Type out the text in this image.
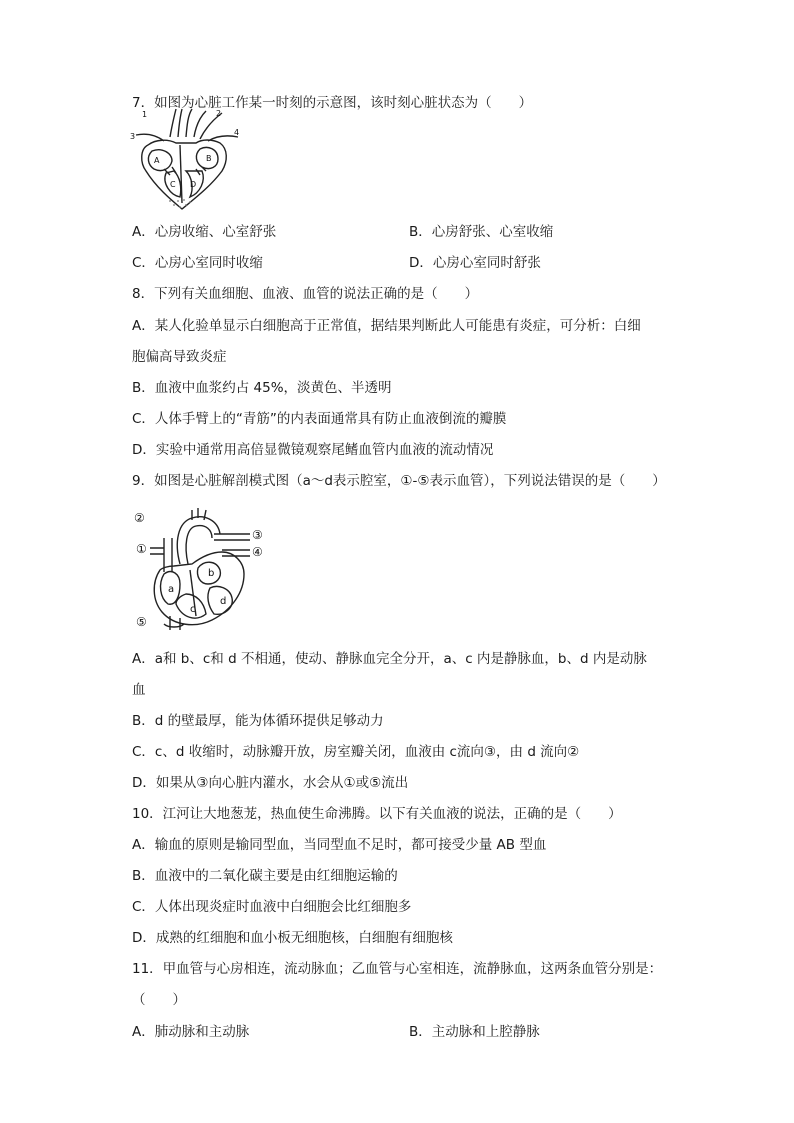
7．如图为心脏工作某一时刻的示意图，该时刻心脏状态为（　　）
1	2
3	4
A	B
C D
A．心房收缩、心室舒张	B．心房舒张、心室收缩
C．心房心室同时收缩	D．心房心室同时舒张
8．下列有关血细胞、血液、血管的说法正确的是（　　）
A．某人化验单显示白细胞高于正常值，据结果判断此人可能患有炎症，可分析：白细
胞偏高导致炎症
B．血液中血浆约占 45%，淡黄色、半透明
C．人体手臂上的“青筋”的内表面通常具有防止血液倒流的瓣膜
D．实验中通常用高倍显微镜观察尾鳍血管内血液的流动情况
9．如图是心脏解剖模式图（a～d表示腔室，①-⑤表示血管），下列说法错误的是（　　）
②
①
③
④
⑤
a
b
c
d
A．a和 b、c和 d 不相通，使动、静脉血完全分开，a、c 内是静脉血，b、d 内是动脉
血
B．d 的壁最厚，能为体循环提供足够动力
C．c、d 收缩时，动脉瓣开放，房室瓣关闭，血液由 c流向③，由 d 流向②
D．如果从③向心脏内灌水，水会从①或⑤流出
10．江河让大地葱茏，热血使生命沸腾。以下有关血液的说法，正确的是（　　）
A．输血的原则是输同型血，当同型血不足时，都可接受少量 AB 型血
B．血液中的二氧化碳主要是由红细胞运输的
C．人体出现炎症时血液中白细胞会比红细胞多
D．成熟的红细胞和血小板无细胞核，白细胞有细胞核
11．甲血管与心房相连，流动脉血；乙血管与心室相连，流静脉血，这两条血管分别是：
（　　）
A．肺动脉和主动脉	B．主动脉和上腔静脉
